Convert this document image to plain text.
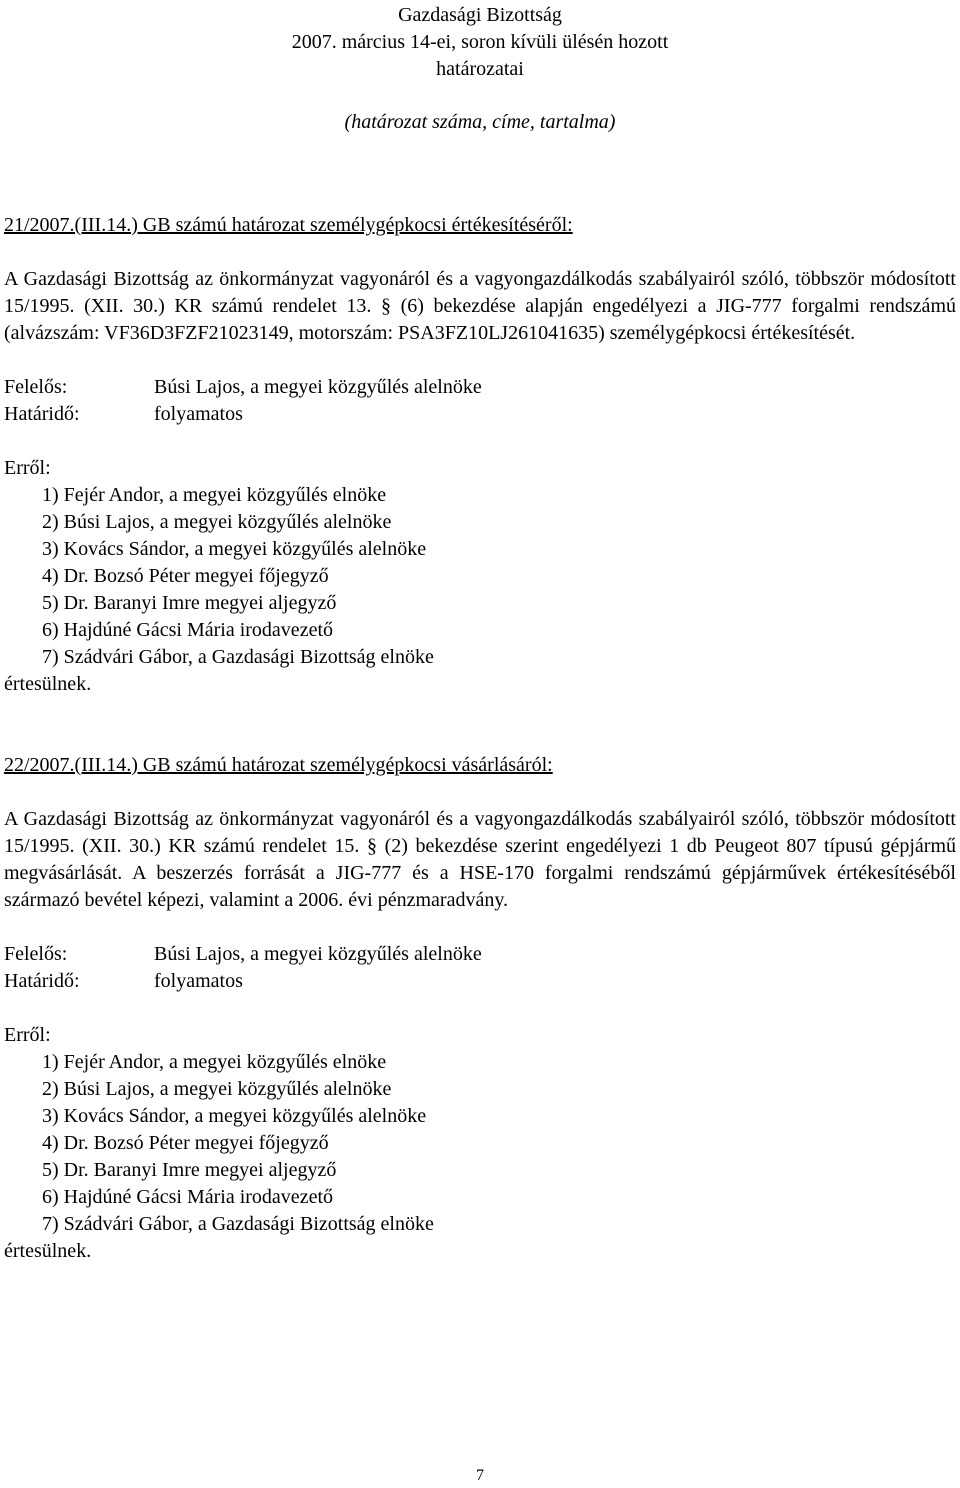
Gazdasági Bizottság
2007. március 14-ei, soron kívüli ülésén hozott
határozatai
(határozat száma, címe, tartalma)
21/2007.(III.14.) GB számú határozat személygépkocsi értékesítéséről:
A Gazdasági Bizottság az önkormányzat vagyonáról és a vagyongazdálkodás szabályairól szóló, többször módosított 15/1995. (XII. 30.) KR számú rendelet 13. § (6) bekezdése alapján engedélyezi a JIG-777 forgalmi rendszámú (alvázszám: VF36D3FZF21023149, motorszám: PSA3FZ10LJ261041635) személygépkocsi értékesítését.
Felelős:	Búsi Lajos, a megyei közgyűlés alelnöke
Határidő:	folyamatos
Erről:
1) Fejér Andor, a megyei közgyűlés elnöke
2) Búsi Lajos, a megyei közgyűlés alelnöke
3) Kovács Sándor, a megyei közgyűlés alelnöke
4) Dr. Bozsó Péter megyei főjegyző
5) Dr. Baranyi Imre megyei aljegyző
6) Hajdúné Gácsi Mária irodavezető
7) Szádvári Gábor, a Gazdasági Bizottság elnöke
értesülnek.
22/2007.(III.14.) GB számú határozat személygépkocsi vásárlásáról:
A Gazdasági Bizottság az önkormányzat vagyonáról és a vagyongazdálkodás szabályairól szóló, többször módosított 15/1995. (XII. 30.) KR számú rendelet 15. § (2) bekezdése szerint engedélyezi 1 db Peugeot 807 típusú gépjármű megvásárlását. A beszerzés forrását a JIG-777 és a HSE-170 forgalmi rendszámú gépjárművek értékesítéséből származó bevétel képezi, valamint a 2006. évi pénzmaradvány.
Felelős:	Búsi Lajos, a megyei közgyűlés alelnöke
Határidő:	folyamatos
Erről:
1) Fejér Andor, a megyei közgyűlés elnöke
2) Búsi Lajos, a megyei közgyűlés alelnöke
3) Kovács Sándor, a megyei közgyűlés alelnöke
4) Dr. Bozsó Péter megyei főjegyző
5) Dr. Baranyi Imre megyei aljegyző
6) Hajdúné Gácsi Mária irodavezető
7) Szádvári Gábor, a Gazdasági Bizottság elnöke
értesülnek.
7
